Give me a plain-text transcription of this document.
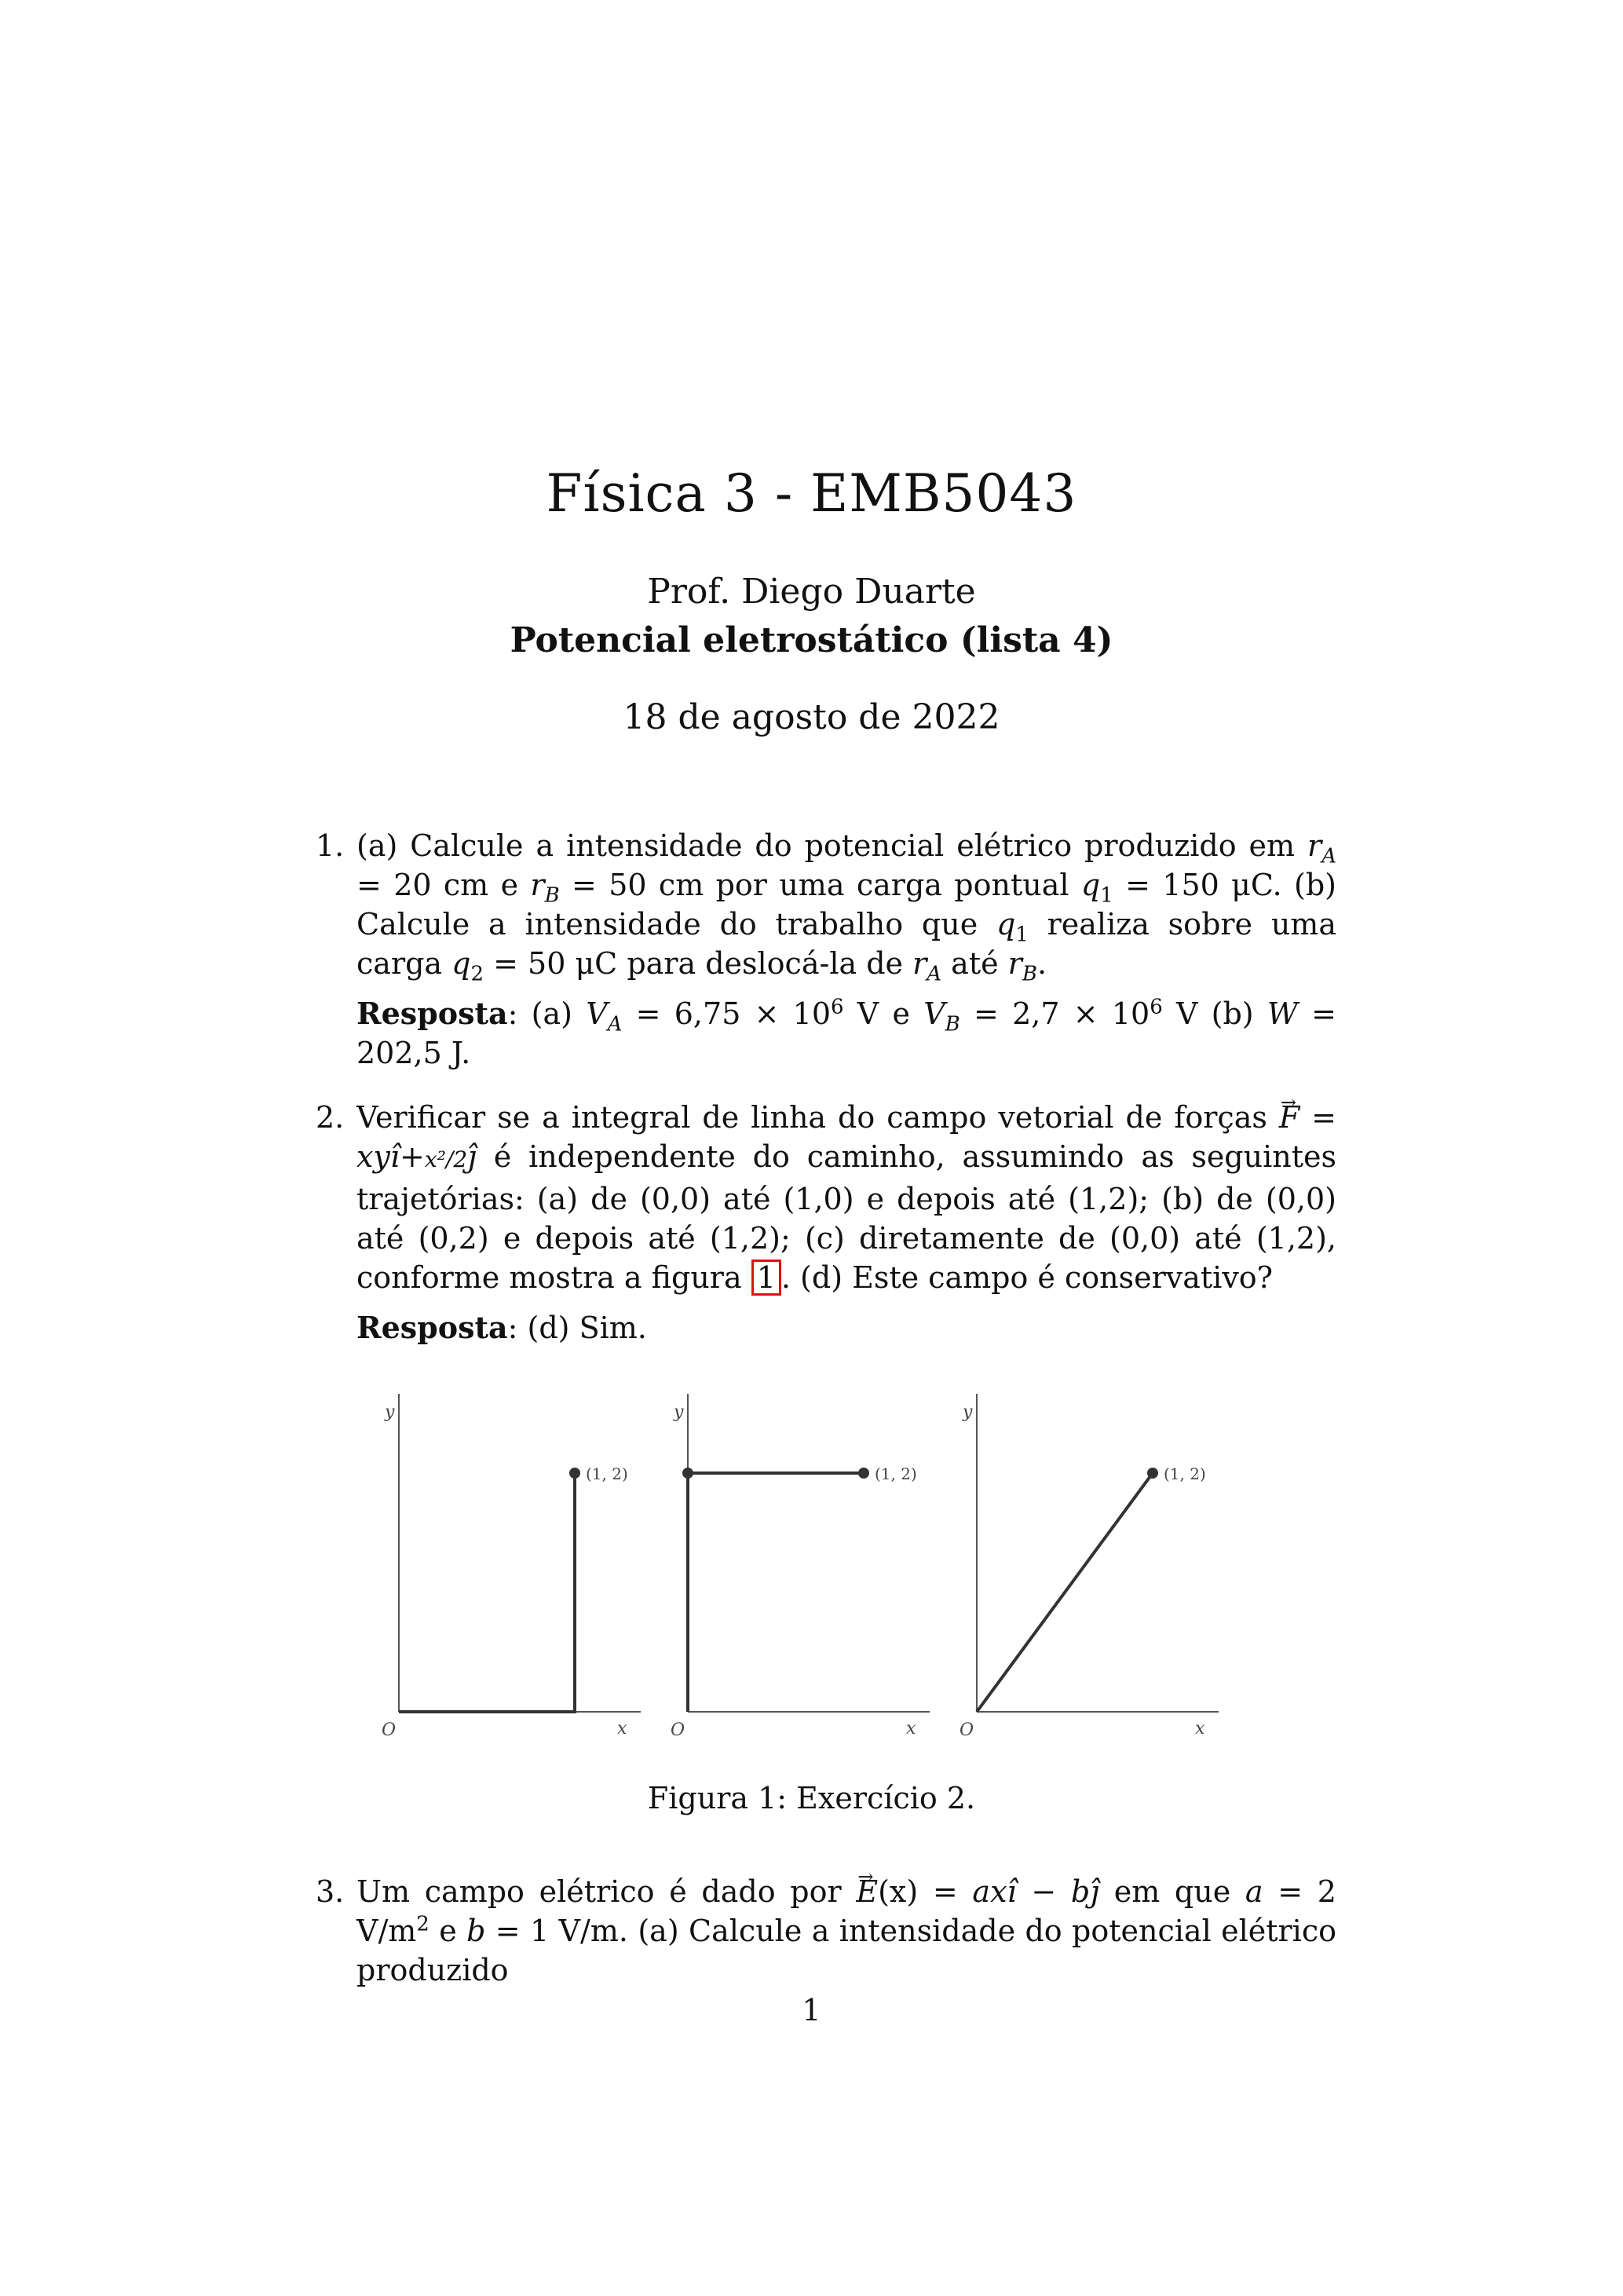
Física 3 - EMB5043
Prof. Diego Duarte
Potencial eletrostático (lista 4)
18 de agosto de 2022
1. (a) Calcule a intensidade do potencial elétrico produzido em $r_A = 20$ cm e $r_B = 50$ cm por uma carga pontual $q_1 = 150$ μC. (b) Calcule a intensidade do trabalho que $q_1$ realiza sobre uma carga $q_2 = 50$ μC para deslocá-la de $r_A$ até $r_B$.
Resposta: (a) $V_A = 6,75 \times 10^6$ V e $V_B = 2,7 \times 10^6$ V (b) W = 202,5 J.
2. Verificar se a integral de linha do campo vetorial de forças → F = xyî+x²/2ĵ é independente do caminho, assumindo as seguintes trajetórias: (a) de (0,0) até (1,0) e depois até (1,2); (b) de (0,0) até (0,2) e depois até (1,2); (c) diretamente de (0,0) até (1,2), conforme mostra a figura 1 . (d) Este campo é conservativo?
Resposta: (d) Sim.
y
x
O
(1, 2)
y
x
O
(1, 2)
y
x
O
(1, 2)
Figura 1: Exercício 2.
3. Um campo elétrico é dado por → E(x) = axî − bĵ em que a = 2 $V/m^2$ e b = 1 V/m. (a) Calcule a intensidade do potencial elétrico produzido
1
